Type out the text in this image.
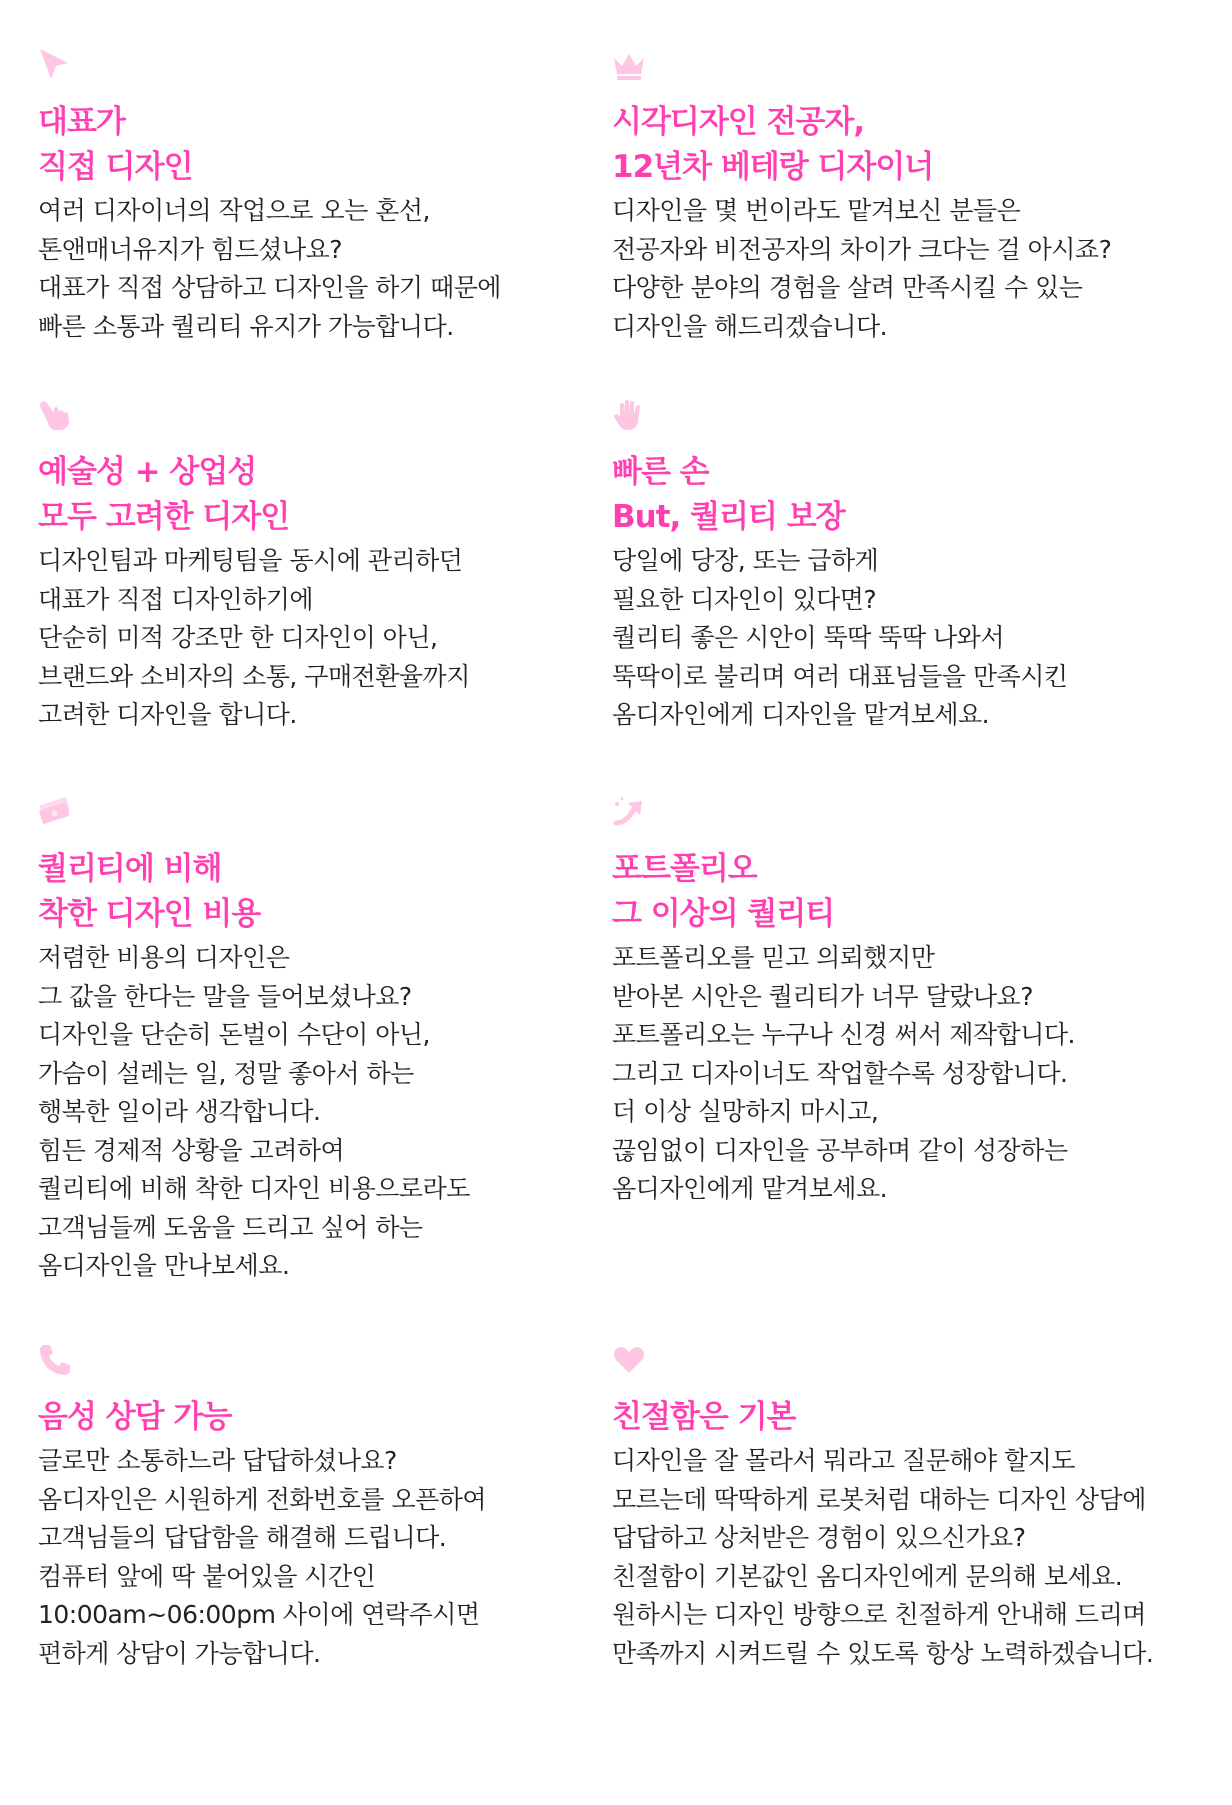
대표가
직접 디자인
여러 디자이너의 작업으로 오는 혼선,
톤앤매너유지가 힘드셨나요?
대표가 직접 상담하고 디자인을 하기 때문에
빠른 소통과 퀄리티 유지가 가능합니다.
시각디자인 전공자,
12년차 베테랑 디자이너
디자인을 몇 번이라도 맡겨보신 분들은
전공자와 비전공자의 차이가 크다는 걸 아시죠?
다양한 분야의 경험을 살려 만족시킬 수 있는
디자인을 해드리겠습니다.
예술성 + 상업성
모두 고려한 디자인
디자인팀과 마케팅팀을 동시에 관리하던
대표가 직접 디자인하기에
단순히 미적 강조만 한 디자인이 아닌,
브랜드와 소비자의 소통, 구매전환율까지
고려한 디자인을 합니다.
빠른 손
But, 퀄리티 보장
당일에 당장, 또는 급하게
필요한 디자인이 있다면?
퀄리티 좋은 시안이 뚝딱 뚝딱 나와서
뚝딱이로 불리며 여러 대표님들을 만족시킨
옴디자인에게 디자인을 맡겨보세요.
퀄리티에 비해
착한 디자인 비용
저렴한 비용의 디자인은
그 값을 한다는 말을 들어보셨나요?
디자인을 단순히 돈벌이 수단이 아닌,
가슴이 설레는 일, 정말 좋아서 하는
행복한 일이라 생각합니다.
힘든 경제적 상황을 고려하여
퀄리티에 비해 착한 디자인 비용으로라도
고객님들께 도움을 드리고 싶어 하는
옴디자인을 만나보세요.
포트폴리오
그 이상의 퀄리티
포트폴리오를 믿고 의뢰했지만
받아본 시안은 퀄리티가 너무 달랐나요?
포트폴리오는 누구나 신경 써서 제작합니다.
그리고 디자이너도 작업할수록 성장합니다.
더 이상 실망하지 마시고,
끊임없이 디자인을 공부하며 같이 성장하는
옴디자인에게 맡겨보세요.
음성 상담 가능
글로만 소통하느라 답답하셨나요?
옴디자인은 시원하게 전화번호를 오픈하여
고객님들의 답답함을 해결해 드립니다.
컴퓨터 앞에 딱 붙어있을 시간인
10:00am~06:00pm 사이에 연락주시면
편하게 상담이 가능합니다.
친절함은 기본
디자인을 잘 몰라서 뭐라고 질문해야 할지도
모르는데 딱딱하게 로봇처럼 대하는 디자인 상담에
답답하고 상처받은 경험이 있으신가요?
친절함이 기본값인 옴디자인에게 문의해 보세요.
원하시는 디자인 방향으로 친절하게 안내해 드리며
만족까지 시켜드릴 수 있도록 항상 노력하겠습니다.
